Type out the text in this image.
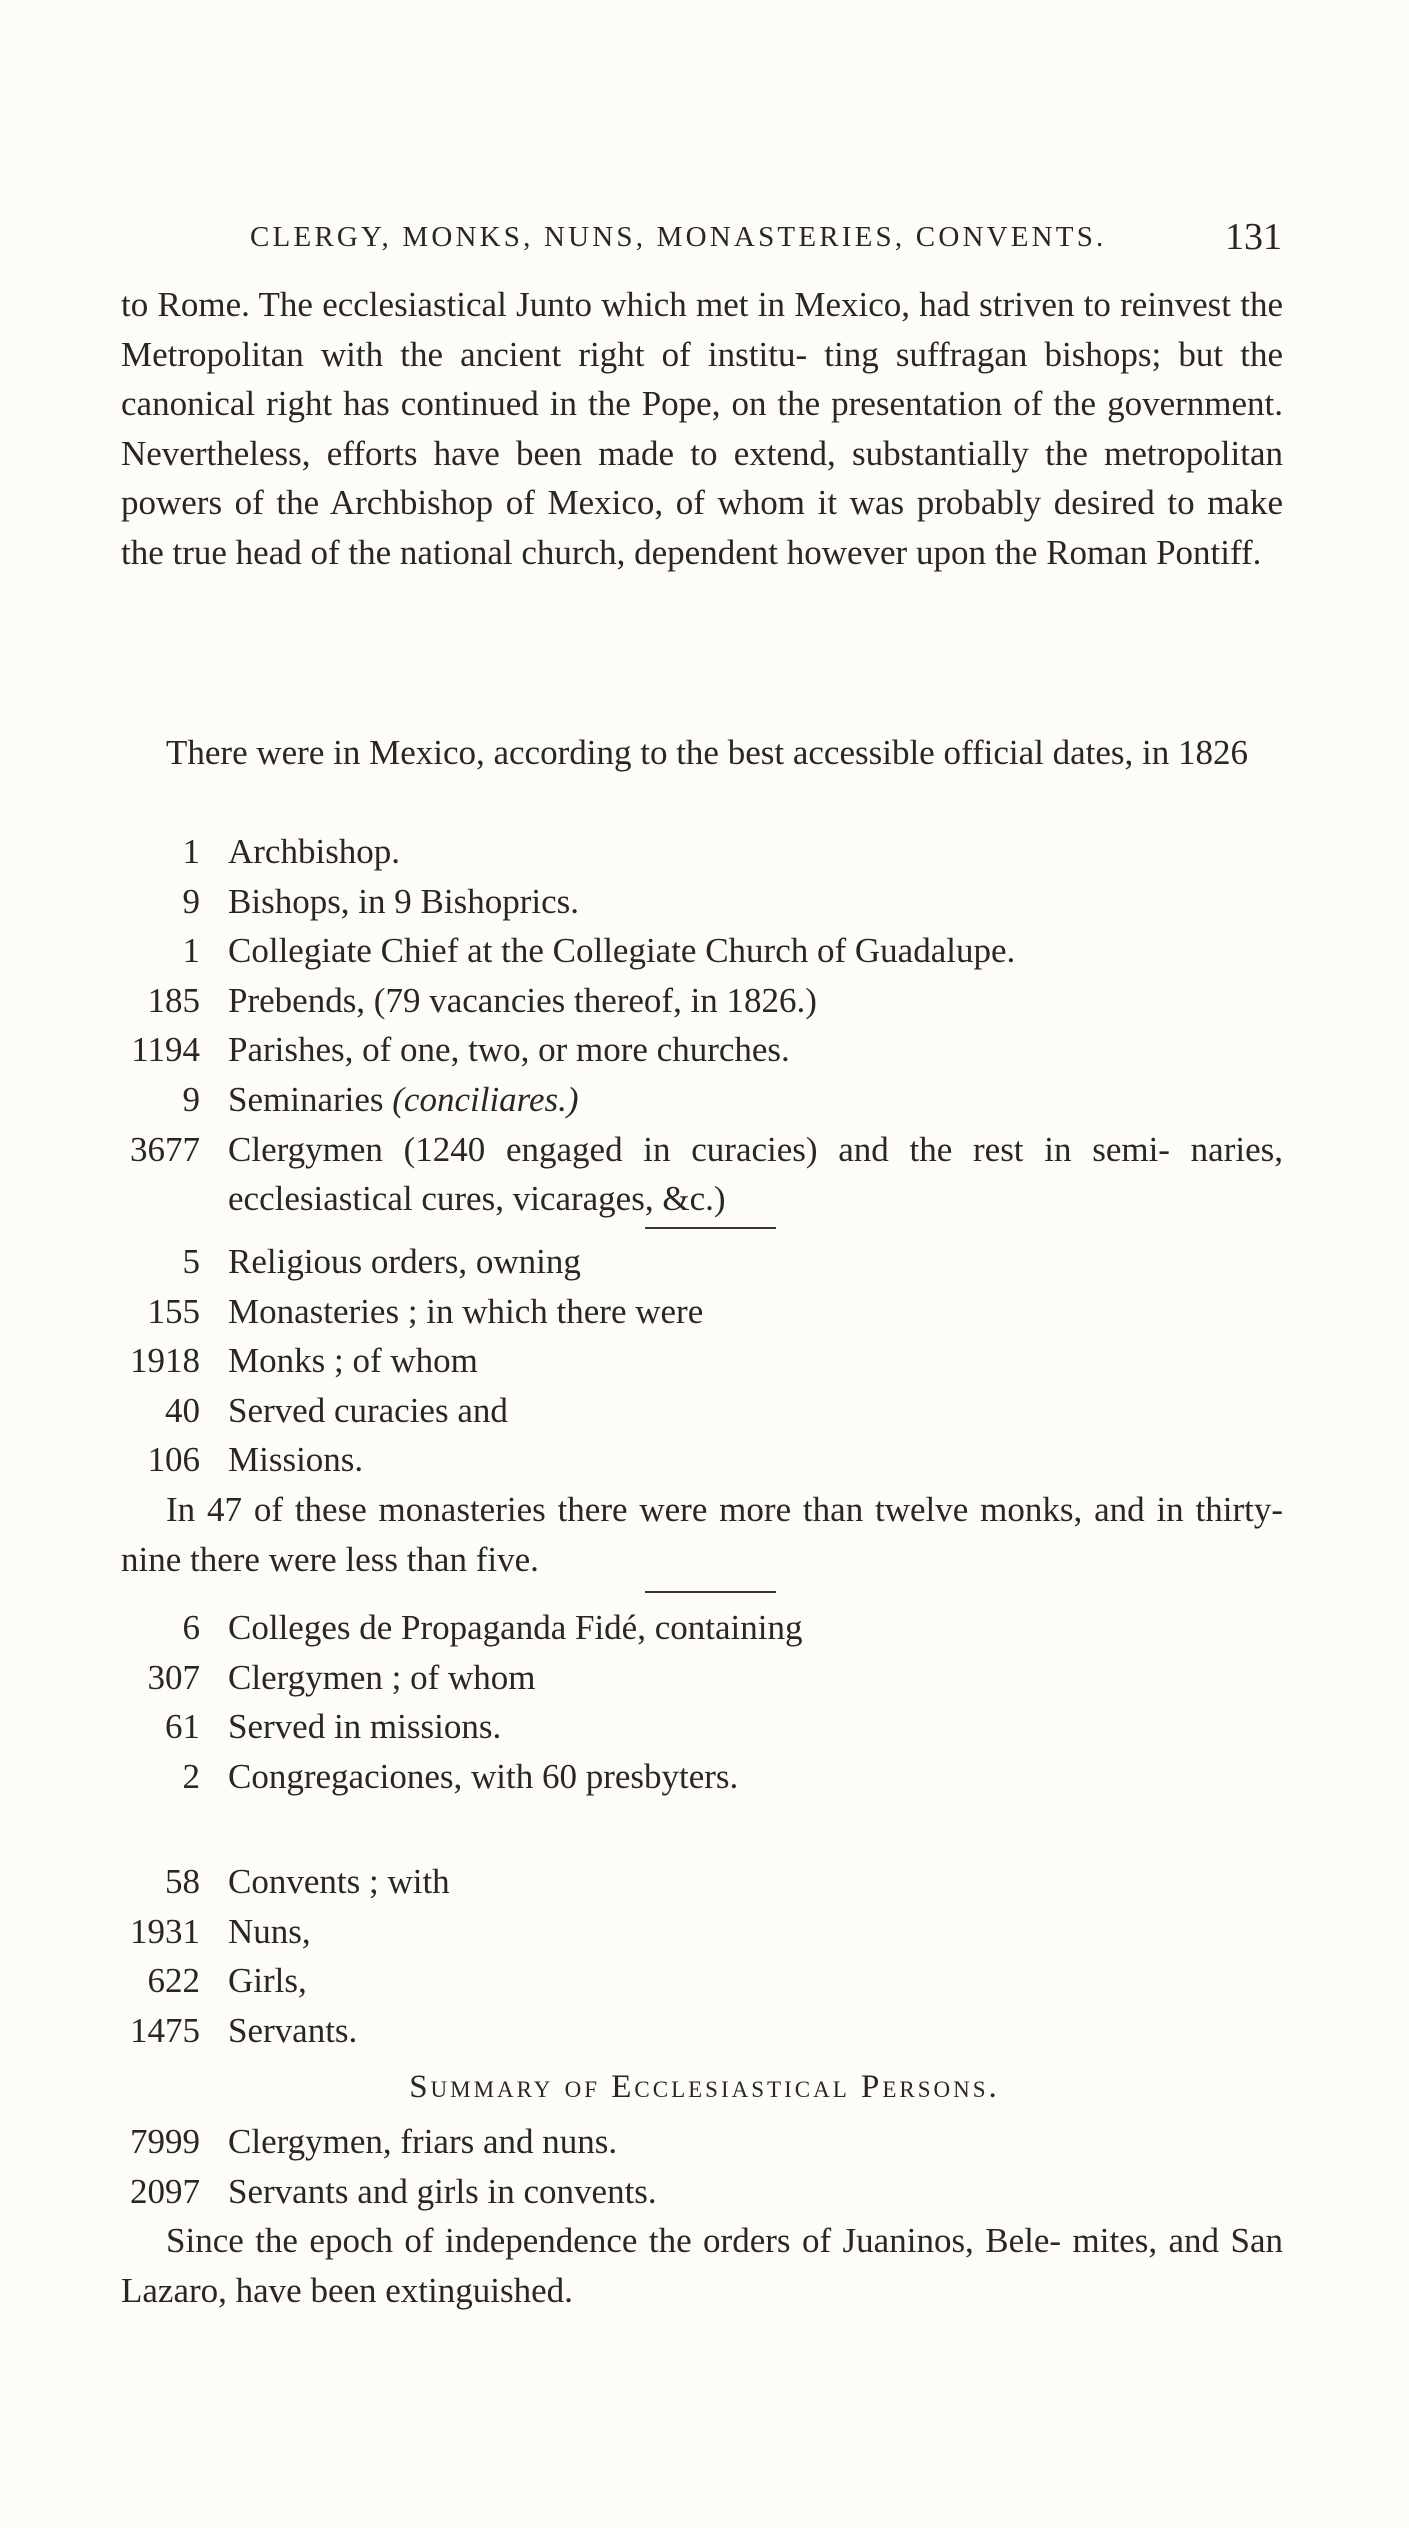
CLERGY, MONKS, NUNS, MONASTERIES, CONVENTS.	131

to Rome. The ecclesiastical Junto which met in Mexico, had striven to reinvest the Metropolitan with the ancient right of institu- ting suffragan bishops; but the canonical right has continued in the Pope, on the presentation of the government. Nevertheless, efforts have been made to extend, substantially the metropolitan powers of the Archbishop of Mexico, of whom it was probably desired to make the true head of the national church, dependent however upon the Roman Pontiff.

There were in Mexico, according to the best accessible official dates, in 1826

1 Archbishop.
9 Bishops, in 9 Bishoprics.
1 Collegiate Chief at the Collegiate Church of Guadalupe.
185 Prebends, (79 vacancies thereof, in 1826.)
1194 Parishes, of one, two, or more churches.
9 Seminaries (conciliares.)
3677 Clergymen (1240 engaged in curacies) and the rest in semi- naries, ecclesiastical cures, vicarages, &c.)
5 Religious orders, owning
155 Monasteries ; in which there were
1918 Monks ; of whom
40 Served curacies and
106 Missions.

In 47 of these monasteries there were more than twelve monks, and in thirty-nine there were less than five.

6 Colleges de Propaganda Fidé, containing
307 Clergymen ; of whom
61 Served in missions.
2 Congregaciones, with 60 presbyters.
58 Convents ; with
1931 Nuns,
622 Girls,
1475 Servants.
Summary of Ecclesiastical Persons.
7999 Clergymen, friars and nuns.
2097 Servants and girls in convents.

Since the epoch of independence the orders of Juaninos, Bele- mites, and San Lazaro, have been extinguished.
